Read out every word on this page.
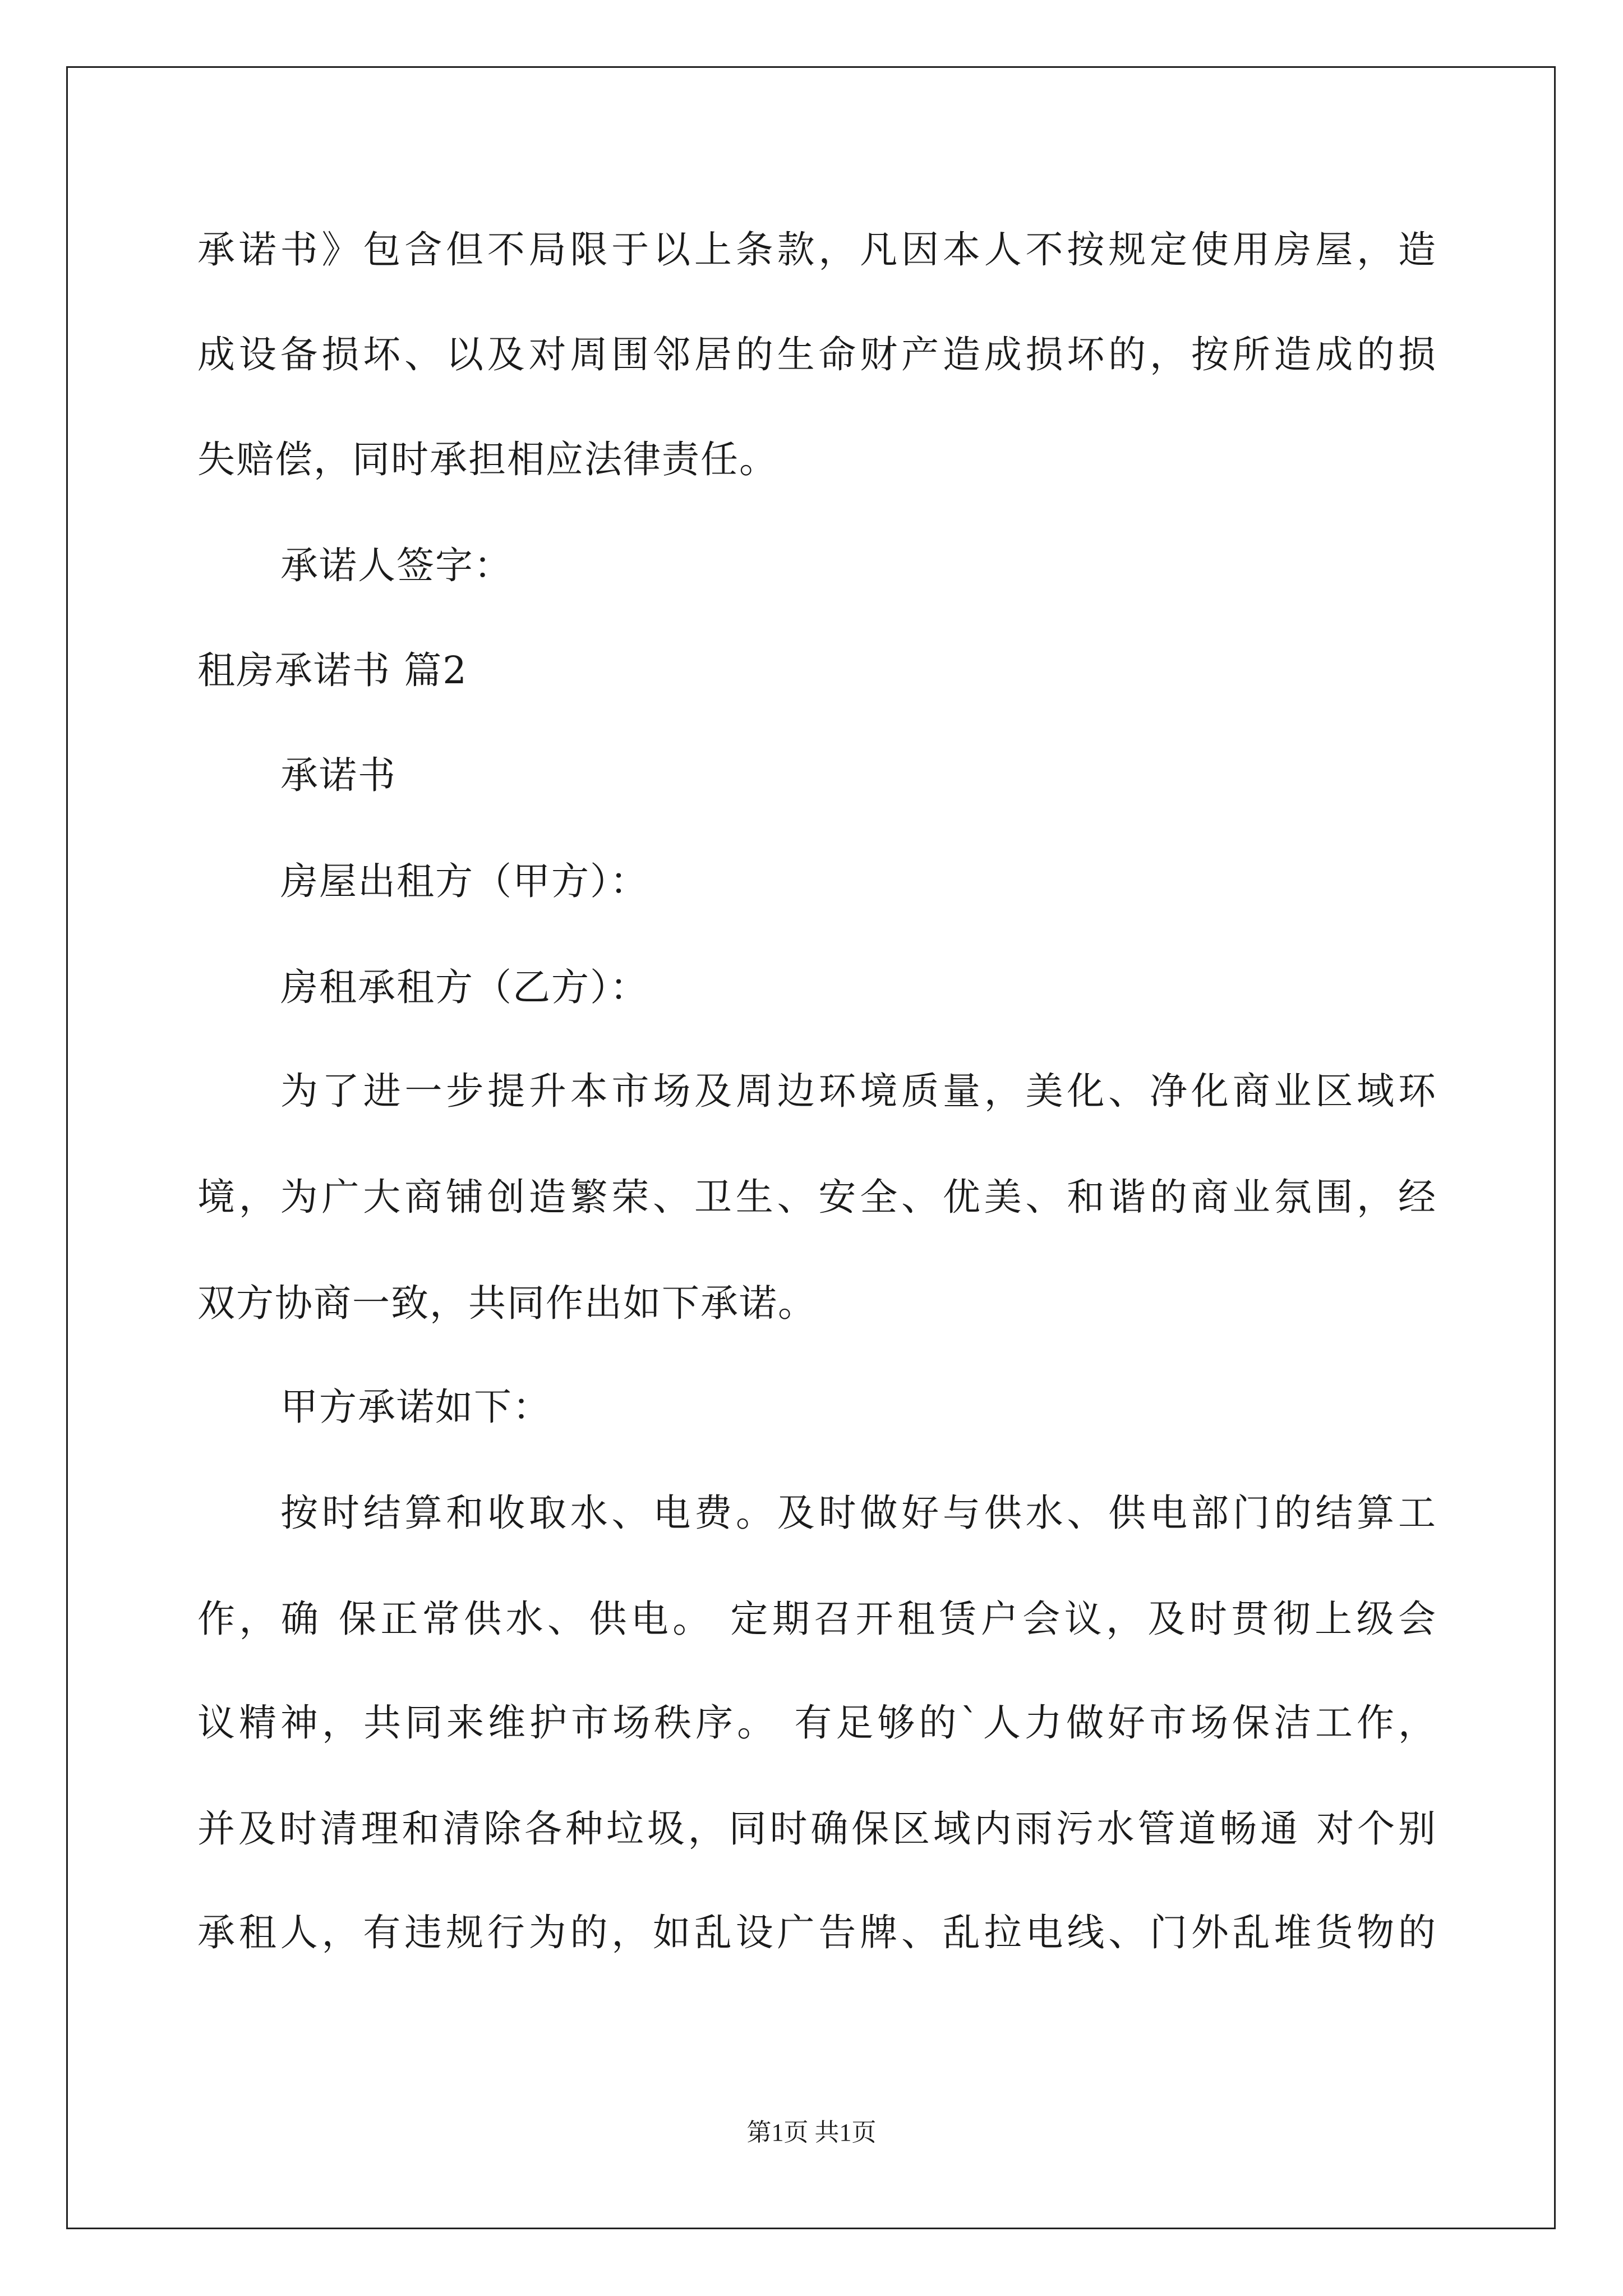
承诺书》包含但不局限于以上条款，凡因本人不按规定使用房屋，造
成设备损坏、以及对周围邻居的生命财产造成损坏的，按所造成的损
失赔偿，同时承担相应法律责任。
承诺人签字：
租房承诺书 篇2
承诺书
房屋出租方（甲方）：
房租承租方（乙方）：
为了进一步提升本市场及周边环境质量，美化、净化商业区域环
境，为广大商铺创造繁荣、卫生、安全、优美、和谐的商业氛围，经
双方协商一致，共同作出如下承诺。
甲方承诺如下：
按时结算和收取水、电费。及时做好与供水、供电部门的结算工
作，确 保正常供水、供电。 定期召开租赁户会议，及时贯彻上级会
议精神，共同来维护市场秩序。 有足够的`人力做好市场保洁工作，
并及时清理和清除各种垃圾，同时确保区域内雨污水管道畅通 对个别
承租人，有违规行为的，如乱设广告牌、乱拉电线、门外乱堆货物的
第1页 共1页
